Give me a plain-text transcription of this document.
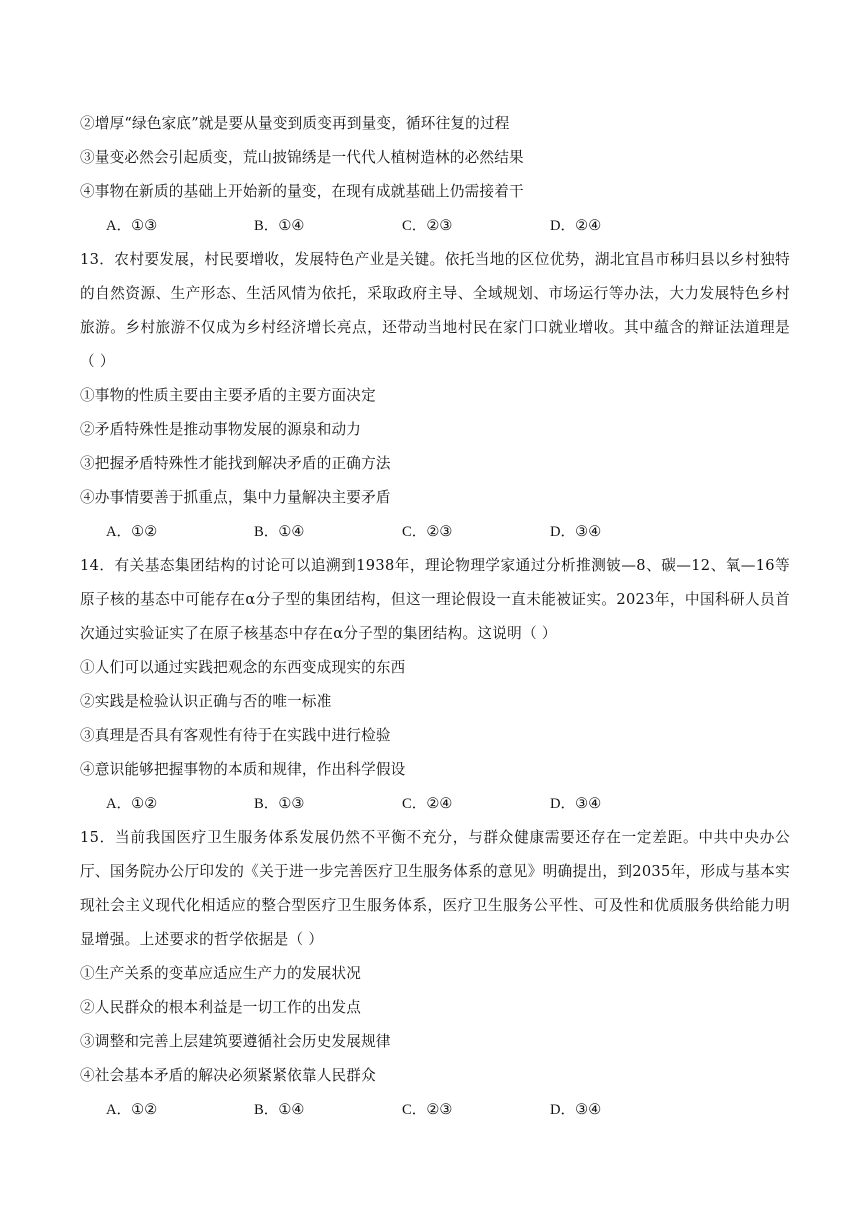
②增厚“绿色家底”就是要从量变到质变再到量变，循环往复的过程
③量变必然会引起质变，荒山披锦绣是一代代人植树造林的必然结果
④事物在新质的基础上开始新的量变，在现有成就基础上仍需接着干
A．①③	B．①④	C．②③	D．②④

13．农村要发展，村民要增收，发展特色产业是关键。依托当地的区位优势，湖北宜昌市秭归县以乡村独特的自然资源、生产形态、生活风情为依托，采取政府主导、全域规划、市场运行等办法，大力发展特色乡村旅游。乡村旅游不仅成为乡村经济增长亮点，还带动当地村民在家门口就业增收。其中蕴含的辩证法道理是（ ）

①事物的性质主要由主要矛盾的主要方面决定
②矛盾特殊性是推动事物发展的源泉和动力
③把握矛盾特殊性才能找到解决矛盾的正确方法
④办事情要善于抓重点，集中力量解决主要矛盾
A．①②	B．①④	C．②③	D．③④

14．有关基态集团结构的讨论可以追溯到1938年，理论物理学家通过分析推测铍—8、碳—12、氧—16等原子核的基态中可能存在α分子型的集团结构，但这一理论假设一直未能被证实。2023年，中国科研人员首次通过实验证实了在原子核基态中存在α分子型的集团结构。这说明（ ）

①人们可以通过实践把观念的东西变成现实的东西
②实践是检验认识正确与否的唯一标准
③真理是否具有客观性有待于在实践中进行检验
④意识能够把握事物的本质和规律，作出科学假设
A．①②	B．①③	C．②④	D．③④

15．当前我国医疗卫生服务体系发展仍然不平衡不充分，与群众健康需要还存在一定差距。中共中央办公厅、国务院办公厅印发的《关于进一步完善医疗卫生服务体系的意见》明确提出，到2035年，形成与基本实现社会主义现代化相适应的整合型医疗卫生服务体系，医疗卫生服务公平性、可及性和优质服务供给能力明显增强。上述要求的哲学依据是（ ）

①生产关系的变革应适应生产力的发展状况
②人民群众的根本利益是一切工作的出发点
③调整和完善上层建筑要遵循社会历史发展规律
④社会基本矛盾的解决必须紧紧依靠人民群众
A．①②	B．①④	C．②③	D．③④
